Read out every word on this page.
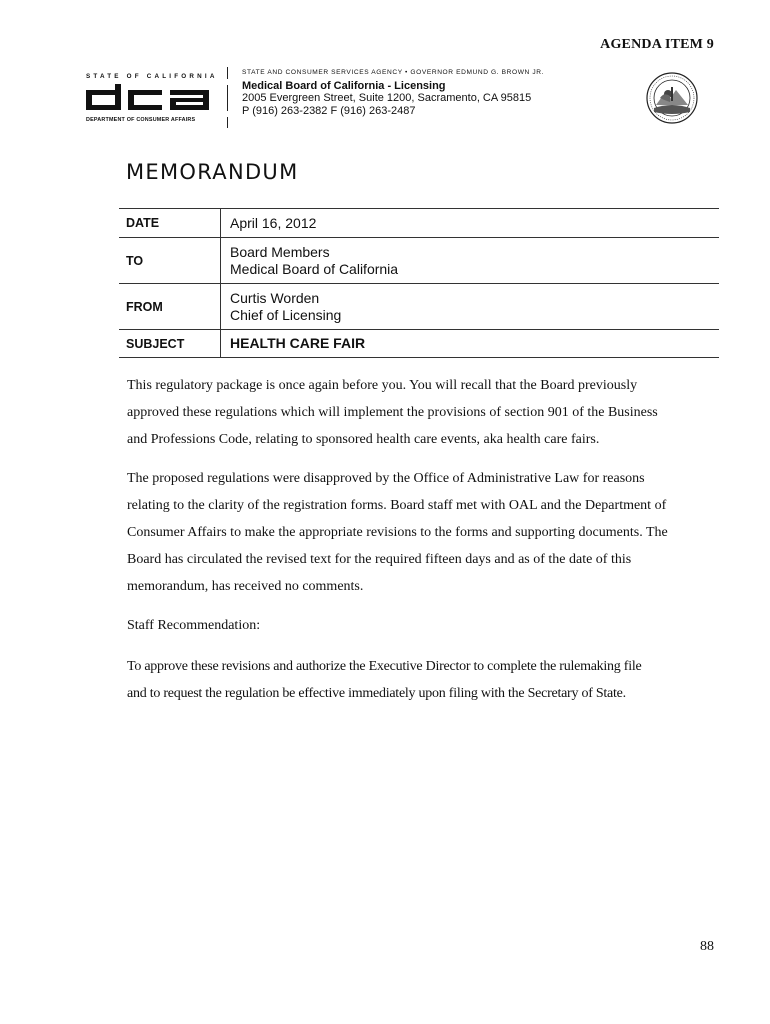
AGENDA ITEM 9
STATE OF CALIFORNIA
DEPARTMENT OF CONSUMER AFFAIRS
STATE AND CONSUMER SERVICES AGENCY • GOVERNOR EDMUND G. BROWN JR.
Medical Board of California - Licensing
2005 Evergreen Street, Suite 1200, Sacramento, CA 95815
P (916) 263-2382 F (916) 263-2487
MEMORANDUM
DATE	April 16, 2012
TO	Board Members
Medical Board of California

FROM	Curtis Worden
Chief of Licensing

SUBJECT	HEALTH CARE FAIR

This regulatory package is once again before you. You will recall that the Board previously
approved these regulations which will implement the provisions of section 901 of the Business
and Professions Code, relating to sponsored health care events, aka health care fairs.

The proposed regulations were disapproved by the Office of Administrative Law for reasons
relating to the clarity of the registration forms. Board staff met with OAL and the Department of
Consumer Affairs to make the appropriate revisions to the forms and supporting documents. The
Board has circulated the revised text for the required fifteen days and as of the date of this
memorandum, has received no comments.

Staff Recommendation:

To approve these revisions and authorize the Executive Director to complete the rulemaking file
and to request the regulation be effective immediately upon filing with the Secretary of State.

88
